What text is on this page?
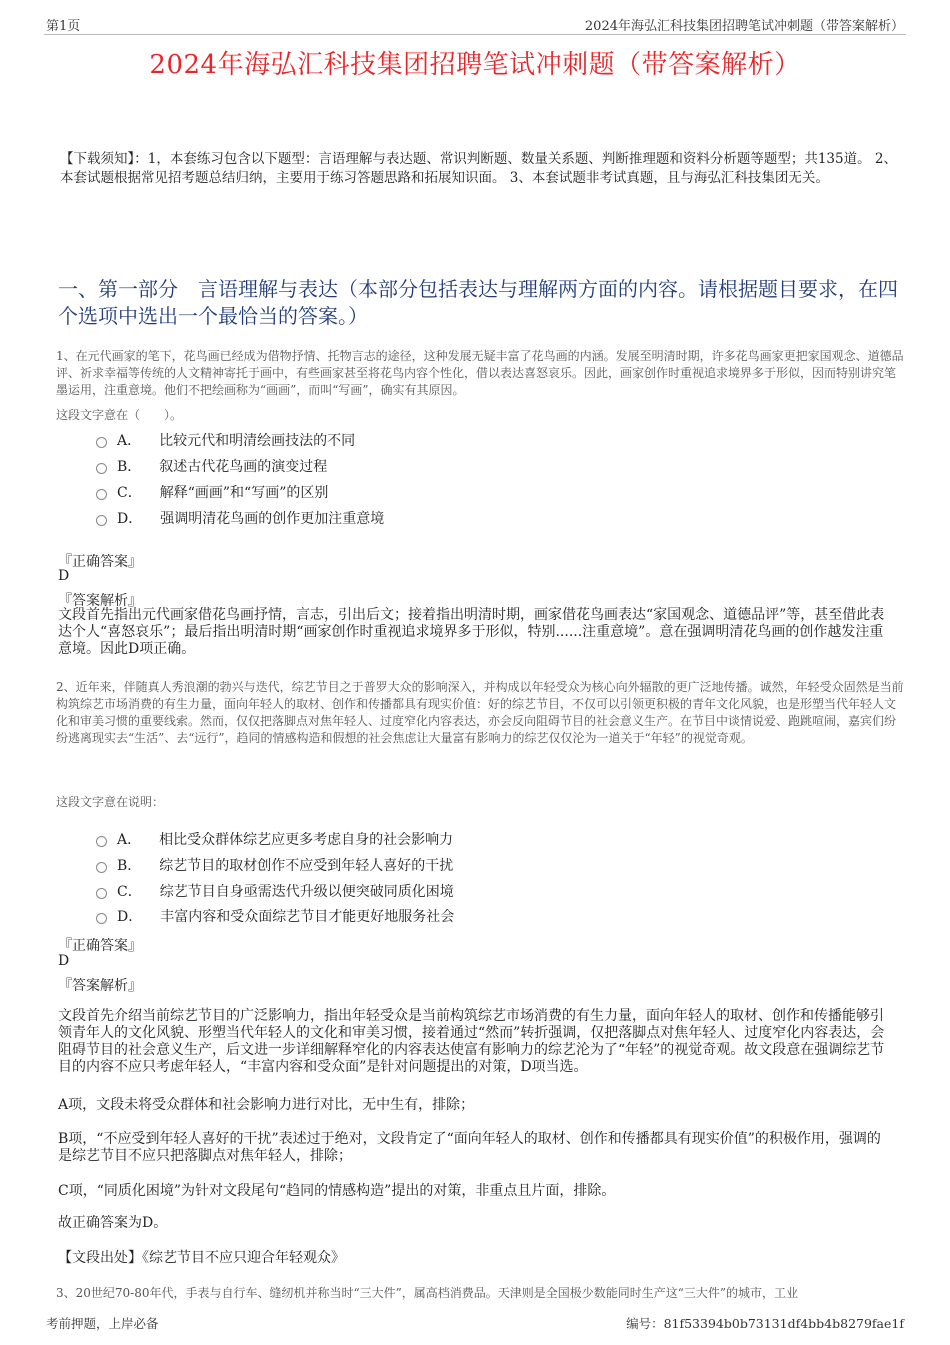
第1页	2024年海弘汇科技集团招聘笔试冲刺题（带答案解析）
2024年海弘汇科技集团招聘笔试冲刺题（带答案解析）
【下载须知】：1，本套练习包含以下题型：言语理解与表达题、常识判断题、数量关系题、判断推理题和资料分析题等题型；共135道。 2、本套试题根据常见招考题总结归纳，主要用于练习答题思路和拓展知识面。 3、本套试题非考试真题，且与海弘汇科技集团无关。
一、第一部分　言语理解与表达（本部分包括表达与理解两方面的内容。请根据题目要求，在四个选项中选出一个最恰当的答案。）
1、在元代画家的笔下，花鸟画已经成为借物抒情、托物言志的途径，这种发展无疑丰富了花鸟画的内涵。发展至明清时期，许多花鸟画家更把家国观念、道德品评、祈求幸福等传统的人文精神寄托于画中，有些画家甚至将花鸟内容个性化，借以表达喜怒哀乐。因此，画家创作时重视追求境界多于形似，因而特别讲究笔墨运用，注重意境。他们不把绘画称为“画画”，而叫“写画”，确实有其原因。
这段文字意在（　　）。
A． 比较元代和明清绘画技法的不同
B． 叙述古代花鸟画的演变过程
C． 解释“画画”和“写画”的区别
D． 强调明清花鸟画的创作更加注重意境
『正确答案』
D
『答案解析』
文段首先指出元代画家借花鸟画抒情，言志，引出后文；接着指出明清时期，画家借花鸟画表达“家国观念、道德品评”等，甚至借此表达个人“喜怒哀乐”；最后指出明清时期“画家创作时重视追求境界多于形似，特别......注重意境”。意在强调明清花鸟画的创作越发注重意境。因此D项正确。
2、近年来，伴随真人秀浪潮的勃兴与迭代，综艺节目之于普罗大众的影响深入，并构成以年轻受众为核心向外辐散的更广泛地传播。诚然，年轻受众固然是当前构筑综艺市场消费的有生力量，面向年轻人的取材、创作和传播都具有现实价值：好的综艺节目，不仅可以引领更积极的青年文化风貌，也是形塑当代年轻人文化和审美习惯的重要线索。然而，仅仅把落脚点对焦年轻人、过度窄化内容表达，亦会反向阻碍节目的社会意义生产。在节目中谈情说爱、跑跳喧闹，嘉宾们纷纷逃离现实去“生活”、去“远行”，趋同的情感构造和假想的社会焦虑让大量富有影响力的综艺仅仅沦为一道关于“年轻”的视觉奇观。
这段文字意在说明：
A． 相比受众群体综艺应更多考虑自身的社会影响力
B． 综艺节目的取材创作不应受到年轻人喜好的干扰
C． 综艺节目自身亟需迭代升级以便突破同质化困境
D． 丰富内容和受众面综艺节目才能更好地服务社会
『正确答案』
D
『答案解析』
文段首先介绍当前综艺节目的广泛影响力，指出年轻受众是当前构筑综艺市场消费的有生力量，面向年轻人的取材、创作和传播能够引领青年人的文化风貌、形塑当代年轻人的文化和审美习惯，接着通过“然而”转折强调，仅把落脚点对焦年轻人、过度窄化内容表达，会阻碍节目的社会意义生产，后文进一步详细解释窄化的内容表达使富有影响力的综艺沦为了“年轻”的视觉奇观。故文段意在强调综艺节目的内容不应只考虑年轻人，“丰富内容和受众面”是针对问题提出的对策，D项当选。
A项，文段未将受众群体和社会影响力进行对比，无中生有，排除；
B项，“不应受到年轻人喜好的干扰”表述过于绝对，文段肯定了“面向年轻人的取材、创作和传播都具有现实价值”的积极作用，强调的是综艺节目不应只把落脚点对焦年轻人，排除；
C项，“同质化困境”为针对文段尾句“趋同的情感构造”提出的对策，非重点且片面，排除。
故正确答案为D。
【文段出处】《综艺节目不应只迎合年轻观众》
3、20世纪70-80年代，手表与自行车、缝纫机并称当时“三大件”，属高档消费品。天津则是全国极少数能同时生产这“三大件”的城市，工业
考前押题，上岸必备	编号：81f53394b0b73131df4bb4b8279fae1f
